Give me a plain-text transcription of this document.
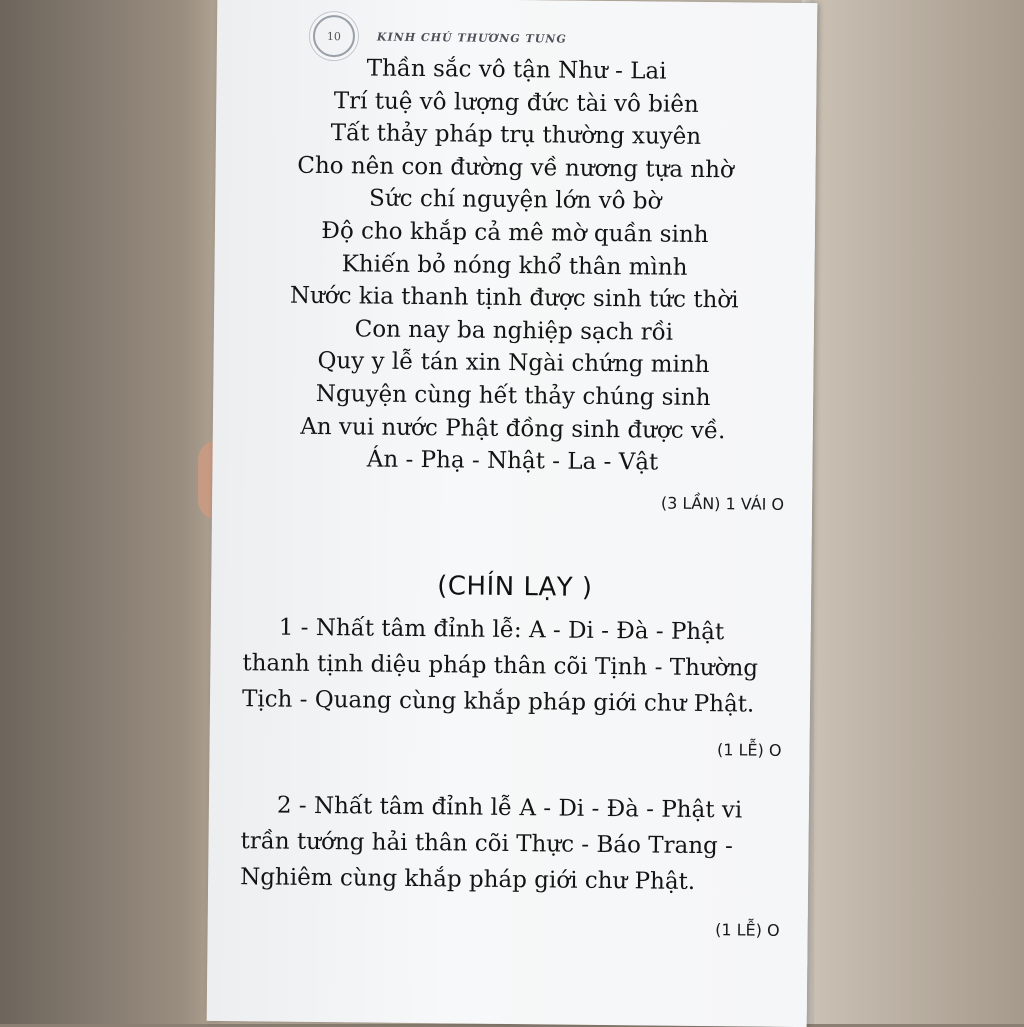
10	KINH CHÚ THƯƠNG TUNG
Thần sắc vô tận Như - Lai
Trí tuệ vô lượng đức tài vô biên
Tất thảy pháp trụ thường xuyên
Cho nên con đường về nương tựa nhờ
Sức chí nguyện lớn vô bờ
Độ cho khắp cả mê mờ quần sinh
Khiến bỏ nóng khổ thân mình
Nước kia thanh tịnh được sinh tức thời
Con nay ba nghiệp sạch rồi
Quy y lễ tán xin Ngài chứng minh
Nguyện cùng hết thảy chúng sinh
An vui nước Phật đồng sinh được về.
Án - Phạ - Nhật - La - Vật
(3 LẦN) 1 VÁI O
(CHÍN LẠY )
1 - Nhất tâm đỉnh lễ: A - Di - Đà - Phật
thanh tịnh diệu pháp thân cõi Tịnh - Thường
Tịch - Quang cùng khắp pháp giới chư Phật.
(1 LỄ) O
2 - Nhất tâm đỉnh lễ A - Di - Đà - Phật vi
trần tướng hải thân cõi Thực - Báo Trang -
Nghiêm cùng khắp pháp giới chư Phật.
(1 LỄ) O
